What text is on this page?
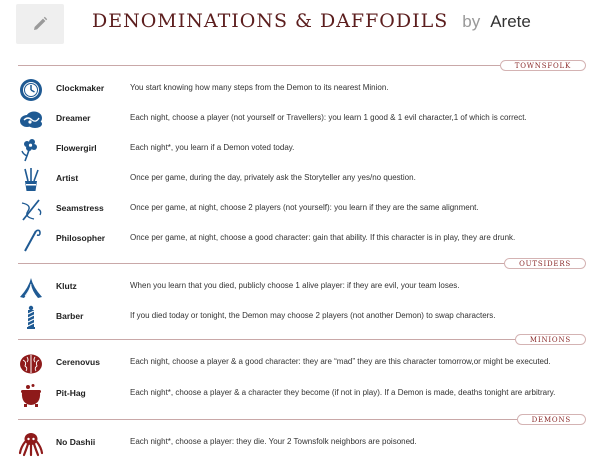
DENOMINATIONS & DAFFODILS by Arete
TOWNSFOLK
Clockmaker	You start knowing how many steps from the Demon to its nearest Minion.
Dreamer	Each night, choose a player (not yourself or Travellers): you learn 1 good & 1 evil character,1 of which is correct.
Flowergirl	Each night*, you learn if a Demon voted today.
Artist	Once per game, during the day, privately ask the Storyteller any yes/no question.
Seamstress	Once per game, at night, choose 2 players (not yourself): you learn if they are the same alignment.
Philosopher	Once per game, at night, choose a good character: gain that ability. If this character is in play, they are drunk.
OUTSIDERS
Klutz	When you learn that you died, publicly choose 1 alive player: if they are evil, your team loses.
Barber	If you died today or tonight, the Demon may choose 2 players (not another Demon) to swap characters.
MINIONS
Cerenovus	Each night, choose a player & a good character: they are “mad” they are this character tomorrow,or might be executed.
Pit-Hag	Each night*, choose a player & a character they become (if not in play). If a Demon is made, deaths tonight are arbitrary.
DEMONS
No Dashii	Each night*, choose a player: they die. Your 2 Townsfolk neighbors are poisoned.
